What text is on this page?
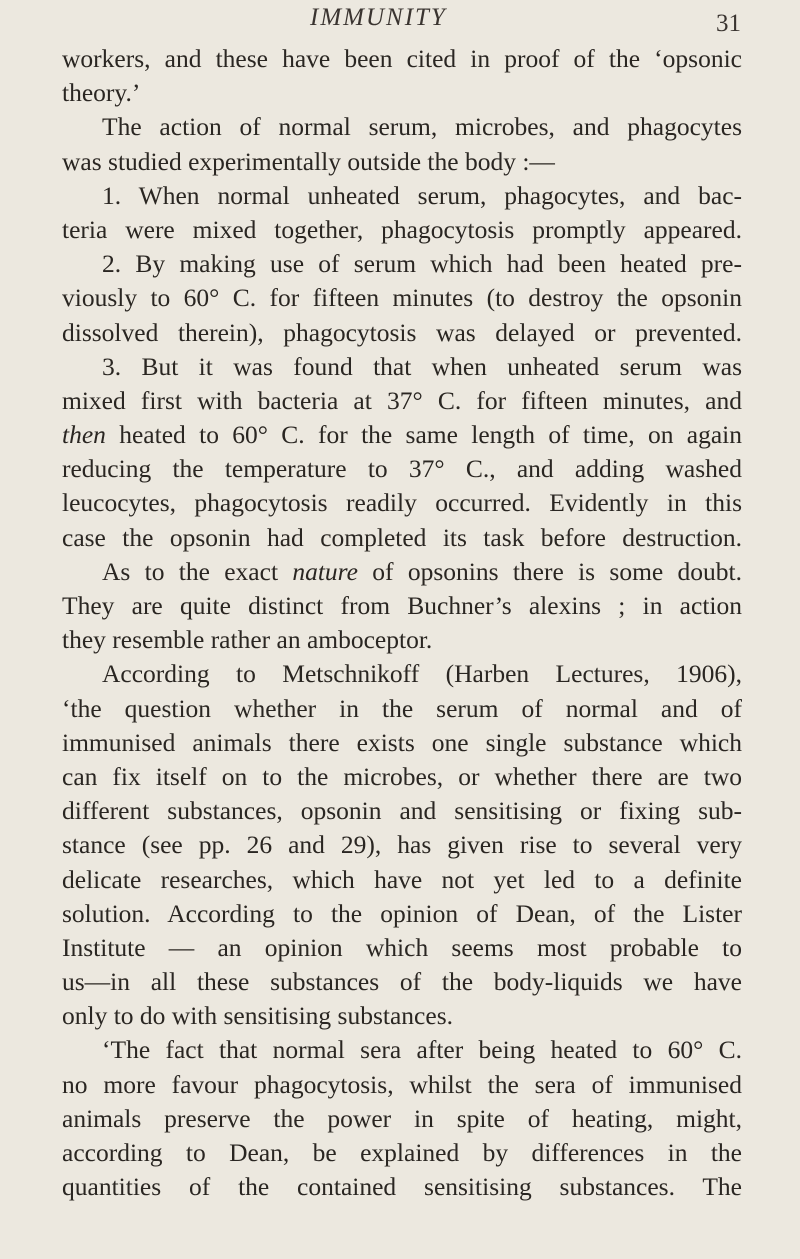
IMMUNITY	31
workers, and these have been cited in proof of the ‘opsonic
theory.’
The action of normal serum, microbes, and phagocytes
was studied experimentally outside the body :—
1. When normal unheated serum, phagocytes, and bac-
teria were mixed together, phagocytosis promptly appeared.
2. By making use of serum which had been heated pre-
viously to 60° C. for fifteen minutes (to destroy the opsonin
dissolved therein), phagocytosis was delayed or prevented.
3. But it was found that when unheated serum was
mixed first with bacteria at 37° C. for fifteen minutes, and
then heated to 60° C. for the same length of time, on again
reducing the temperature to 37° C., and adding washed
leucocytes, phagocytosis readily occurred. Evidently in this
case the opsonin had completed its task before destruction.
As to the exact nature of opsonins there is some doubt.
They are quite distinct from Buchner’s alexins ; in action
they resemble rather an amboceptor.
According to Metschnikoff (Harben Lectures, 1906),
‘the question whether in the serum of normal and of
immunised animals there exists one single substance which
can fix itself on to the microbes, or whether there are two
different substances, opsonin and sensitising or fixing sub-
stance (see pp. 26 and 29), has given rise to several very
delicate researches, which have not yet led to a definite
solution. According to the opinion of Dean, of the Lister
Institute — an opinion which seems most probable to
us—in all these substances of the body-liquids we have
only to do with sensitising substances.
‘The fact that normal sera after being heated to 60° C.
no more favour phagocytosis, whilst the sera of immunised
animals preserve the power in spite of heating, might,
according to Dean, be explained by differences in the
quantities of the contained sensitising substances. The
